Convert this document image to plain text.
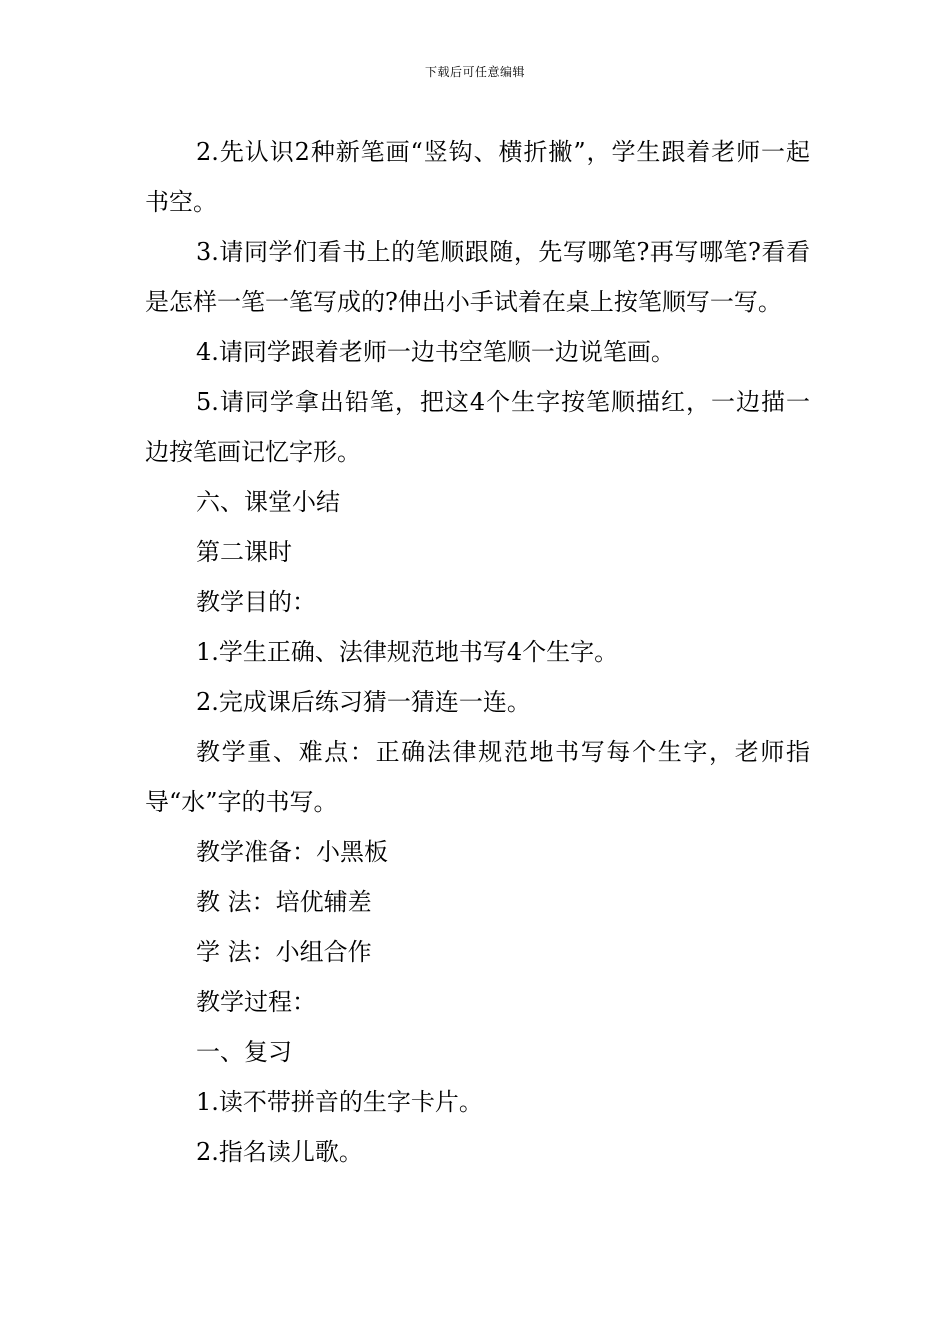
下载后可任意编辑

2.先认识2种新笔画“竖钩、横折撇”，学生跟着老师一起书空。

3.请同学们看书上的笔顺跟随，先写哪笔?再写哪笔?看看是怎样一笔一笔写成的?伸出小手试着在桌上按笔顺写一写。

4.请同学跟着老师一边书空笔顺一边说笔画。

5.请同学拿出铅笔，把这4个生字按笔顺描红，一边描一边按笔画记忆字形。

六、课堂小结

第二课时

教学目的：

1.学生正确、法律规范地书写4个生字。

2.完成课后练习猜一猜连一连。

教学重、难点：正确法律规范地书写每个生字，老师指导“水”字的书写。

教学准备：小黑板

教 法：培优辅差

学 法：小组合作

教学过程：

一、复习

1.读不带拼音的生字卡片。

2.指名读儿歌。
